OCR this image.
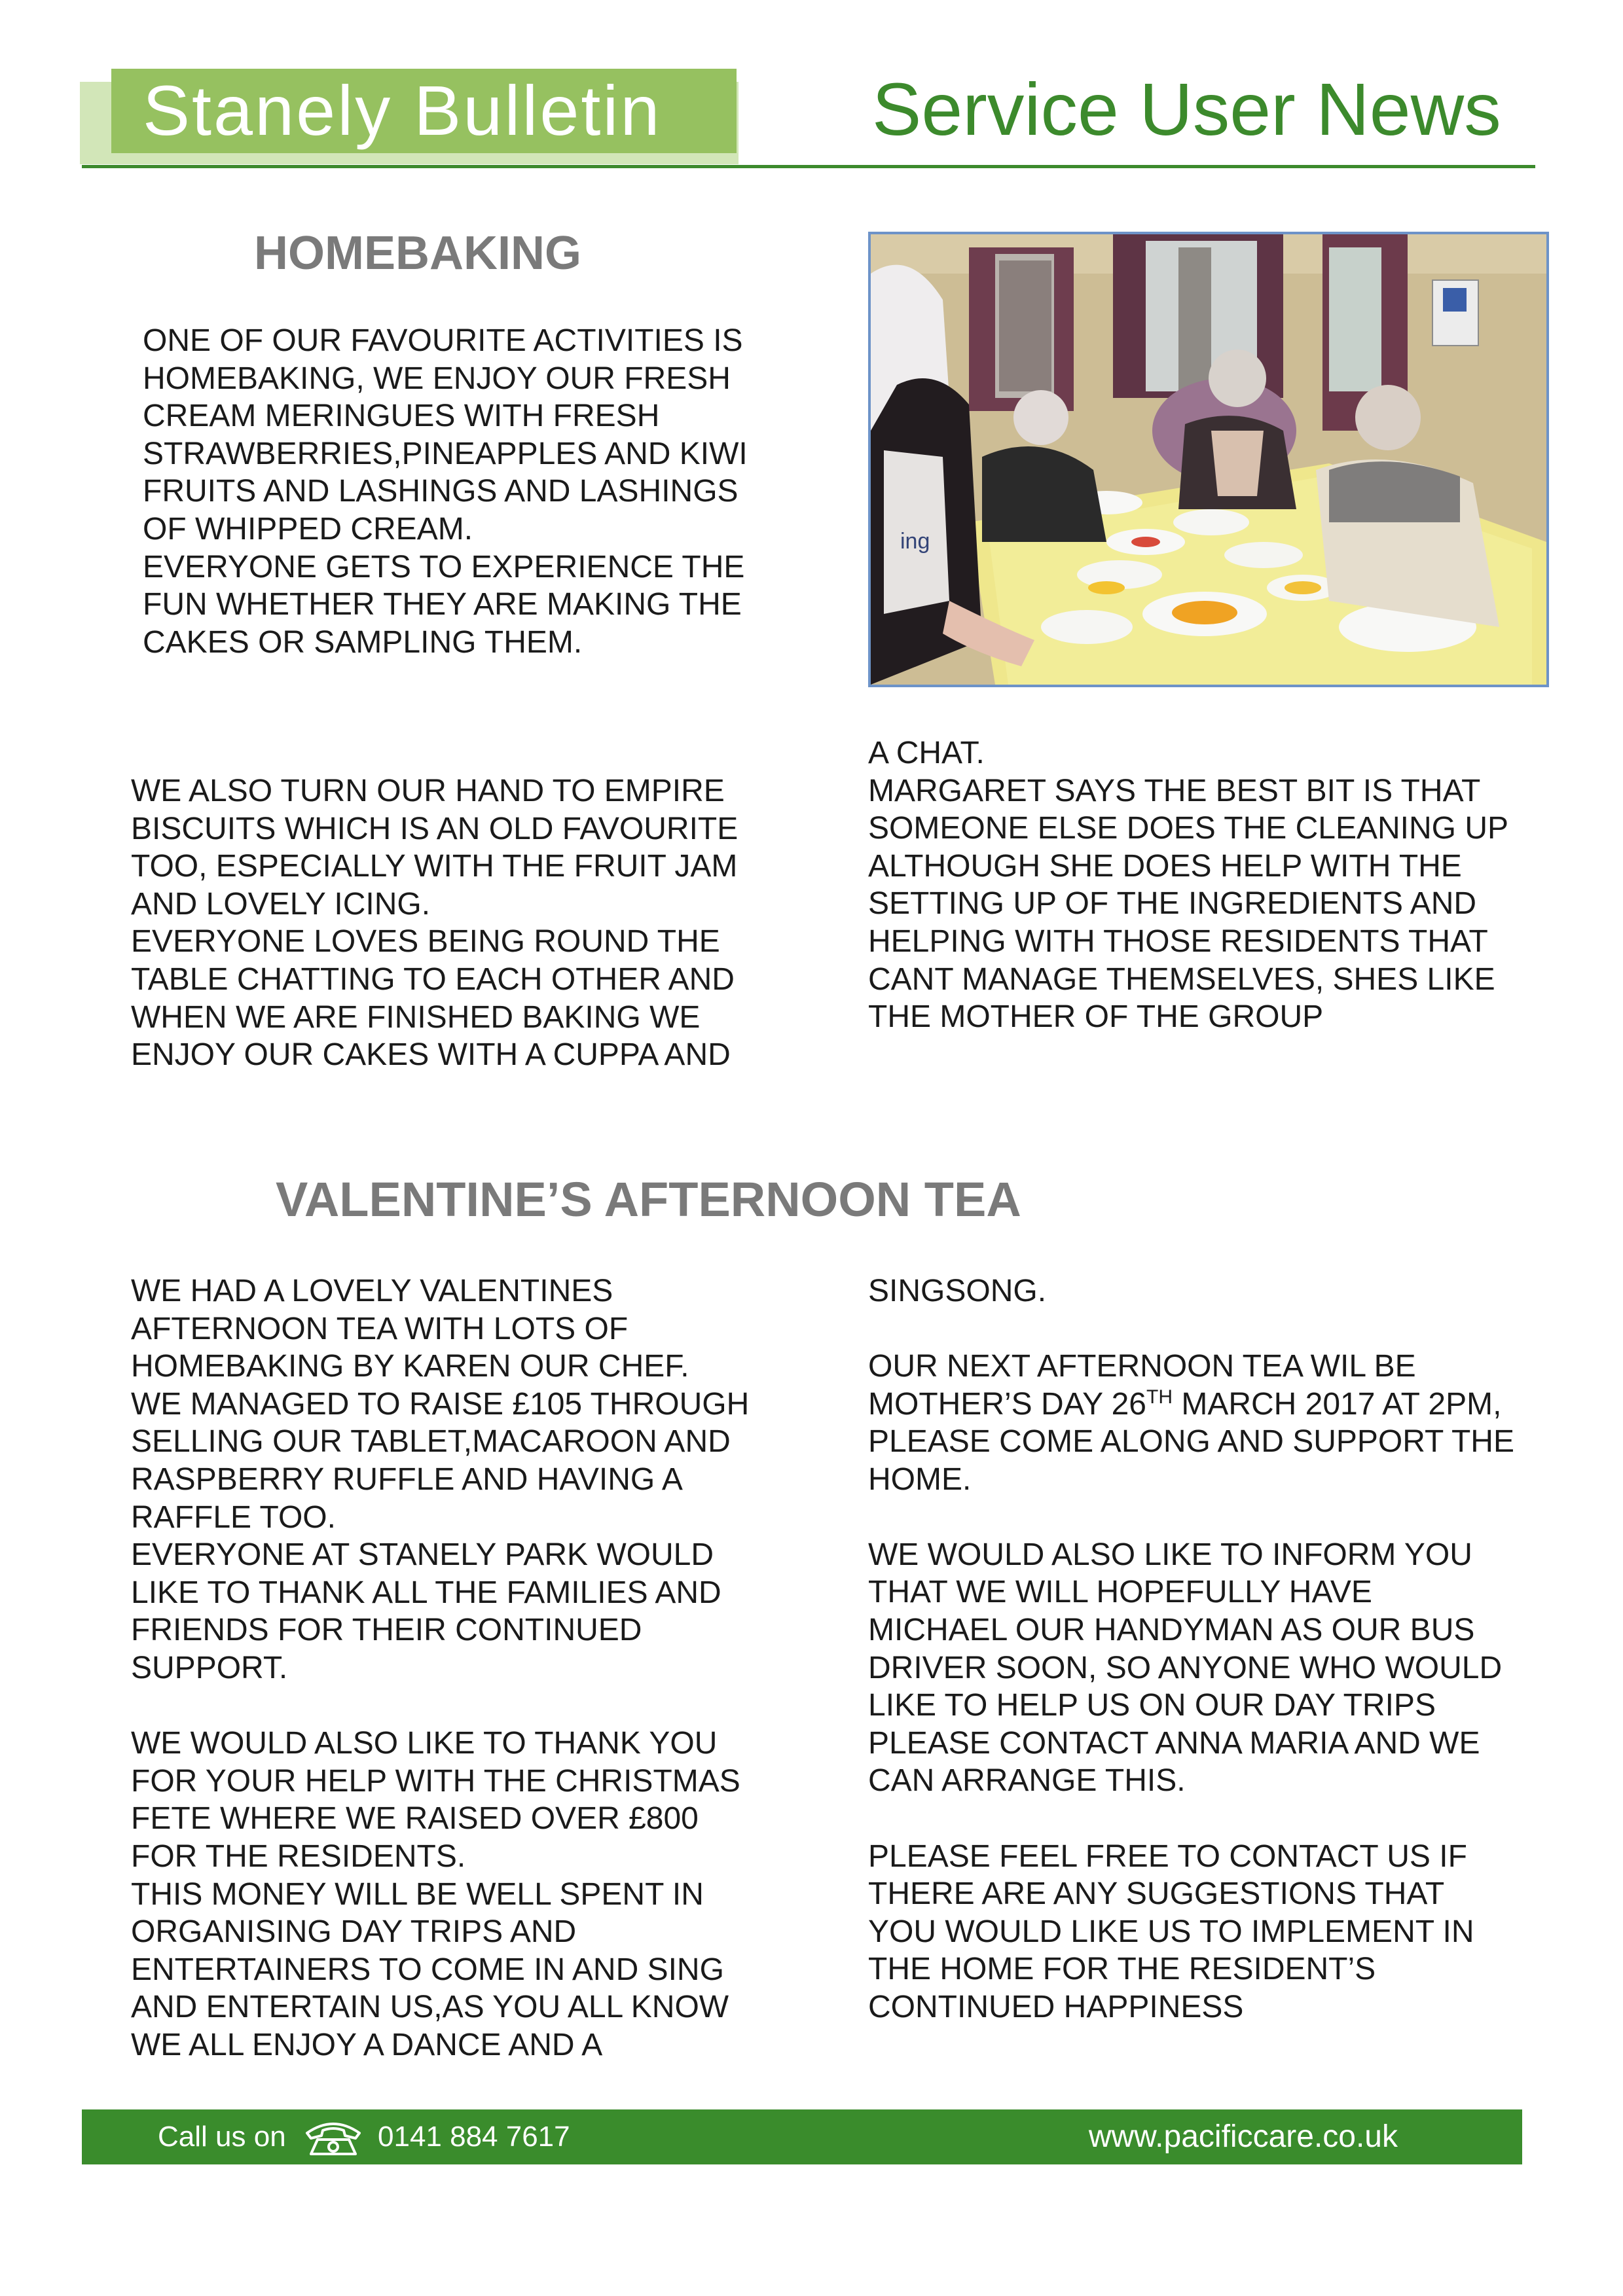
Stanely Bulletin	Service User News
HOMEBAKING

ONE OF OUR FAVOURITE ACTIVITIES IS
HOMEBAKING, WE ENJOY OUR FRESH
CREAM MERINGUES WITH FRESH
STRAWBERRIES,PINEAPPLES AND KIWI
FRUITS AND LASHINGS AND LASHINGS
OF WHIPPED CREAM.
EVERYONE GETS TO EXPERIENCE THE
FUN WHETHER THEY ARE MAKING THE
CAKES OR SAMPLING THEM.

ing

WE ALSO TURN OUR HAND TO EMPIRE
BISCUITS WHICH IS AN OLD FAVOURITE
TOO, ESPECIALLY WITH THE FRUIT JAM
AND LOVELY ICING.
EVERYONE LOVES BEING ROUND THE
TABLE CHATTING TO EACH OTHER AND
WHEN WE ARE FINISHED BAKING WE
ENJOY OUR CAKES WITH A CUPPA AND

A CHAT.
MARGARET SAYS THE BEST BIT IS THAT
SOMEONE ELSE DOES THE CLEANING UP
ALTHOUGH SHE DOES HELP WITH THE
SETTING UP OF THE INGREDIENTS AND
HELPING WITH THOSE RESIDENTS THAT
CANT MANAGE THEMSELVES, SHES LIKE
THE MOTHER OF THE GROUP

VALENTINE’S AFTERNOON TEA

WE HAD A LOVELY VALENTINES
AFTERNOON TEA WITH LOTS OF
HOMEBAKING BY KAREN OUR CHEF.
WE MANAGED TO RAISE £105 THROUGH
SELLING OUR TABLET,MACAROON AND
RASPBERRY RUFFLE AND HAVING A
RAFFLE TOO.
EVERYONE AT STANELY PARK WOULD
LIKE TO THANK ALL THE FAMILIES AND
FRIENDS FOR THEIR CONTINUED
SUPPORT.

WE WOULD ALSO LIKE TO THANK YOU
FOR YOUR HELP WITH THE CHRISTMAS
FETE WHERE WE RAISED OVER £800
FOR THE RESIDENTS.
THIS MONEY WILL BE WELL SPENT IN
ORGANISING DAY TRIPS AND
ENTERTAINERS TO COME IN AND SING
AND ENTERTAIN US,AS YOU ALL KNOW
WE ALL ENJOY A DANCE AND A

SINGSONG.

OUR NEXT AFTERNOON TEA WIL BE

MOTHER’S DAY 26TH MARCH 2017 AT 2PM,

PLEASE COME ALONG AND SUPPORT THE
HOME.

WE WOULD ALSO LIKE TO INFORM YOU
THAT WE WILL HOPEFULLY HAVE
MICHAEL OUR HANDYMAN AS OUR BUS
DRIVER SOON, SO ANYONE WHO WOULD
LIKE TO HELP US ON OUR DAY TRIPS
PLEASE CONTACT ANNA MARIA AND WE
CAN ARRANGE THIS.

PLEASE FEEL FREE TO CONTACT US IF
THERE ARE ANY SUGGESTIONS THAT
YOU WOULD LIKE US TO IMPLEMENT IN
THE HOME FOR THE RESIDENT’S
CONTINUED HAPPINESS

Call us on	0141 884 7617	www.pacificcare.co.uk
